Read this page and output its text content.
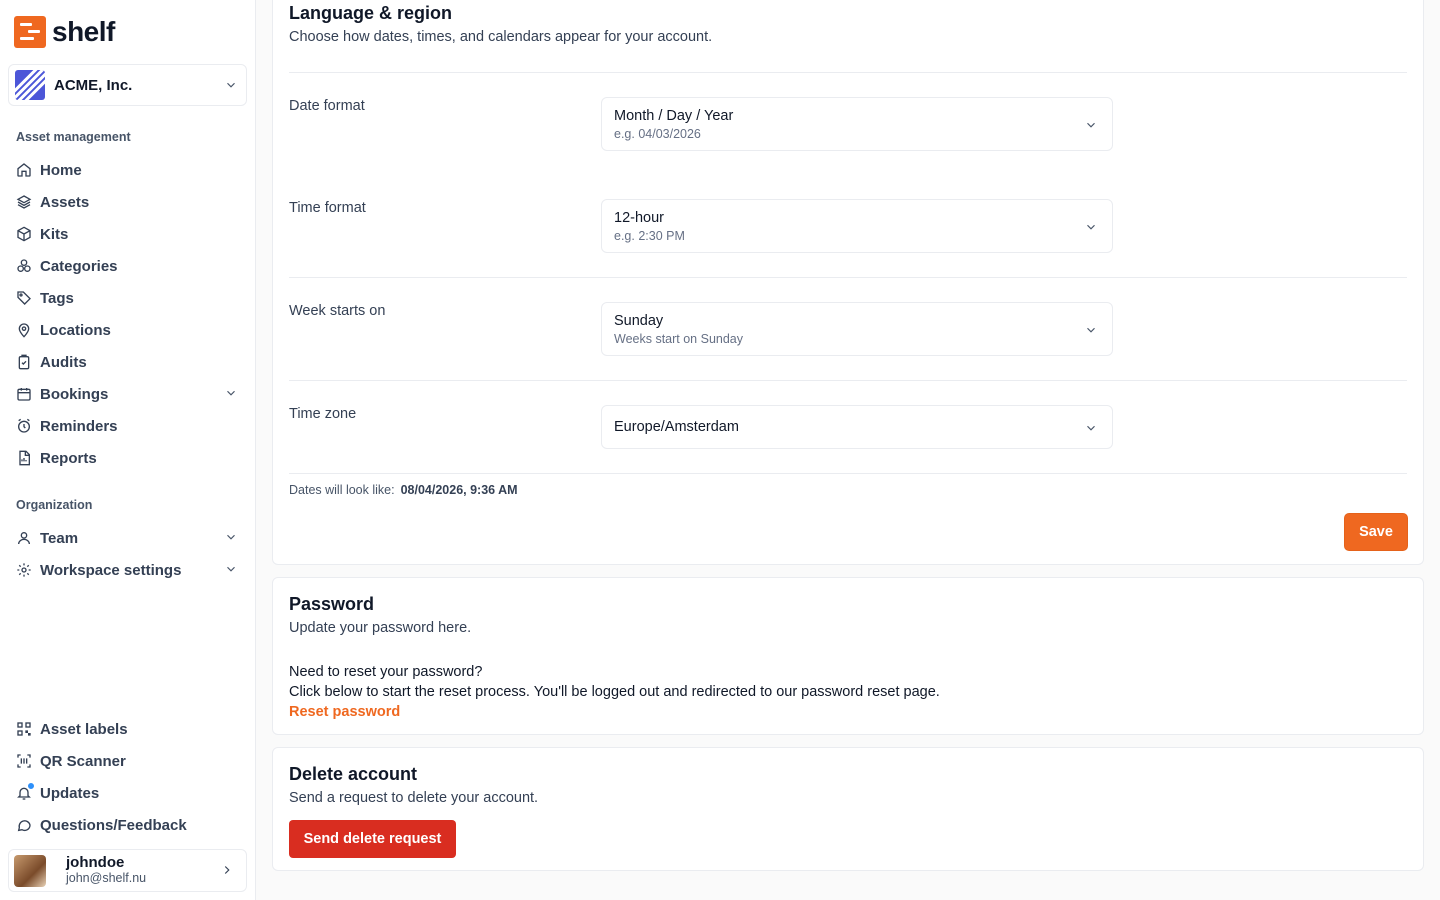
shelf
ACME, Inc.
Asset management
Home
Assets
Kits
Categories
Tags
Locations
Audits
Bookings
Reminders
Reports
Organization
Team
Workspace settings
Asset labels
QR Scanner
Updates
Questions/Feedback
johndoe
john@shelf.nu
Language & region
Choose how dates, times, and calendars appear for your account.
Date format
Month / Day / Year
e.g. 04/03/2026
Time format
12-hour
e.g. 2:30 PM
Week starts on
Sunday
Weeks start on Sunday
Time zone
Europe/Amsterdam
Dates will look like: 08/04/2026, 9:36 AM
Save
Password
Update your password here.
Need to reset your password?
Click below to start the reset process. You'll be logged out and redirected to our password reset page.
Reset password
Delete account
Send a request to delete your account.
Send delete request
